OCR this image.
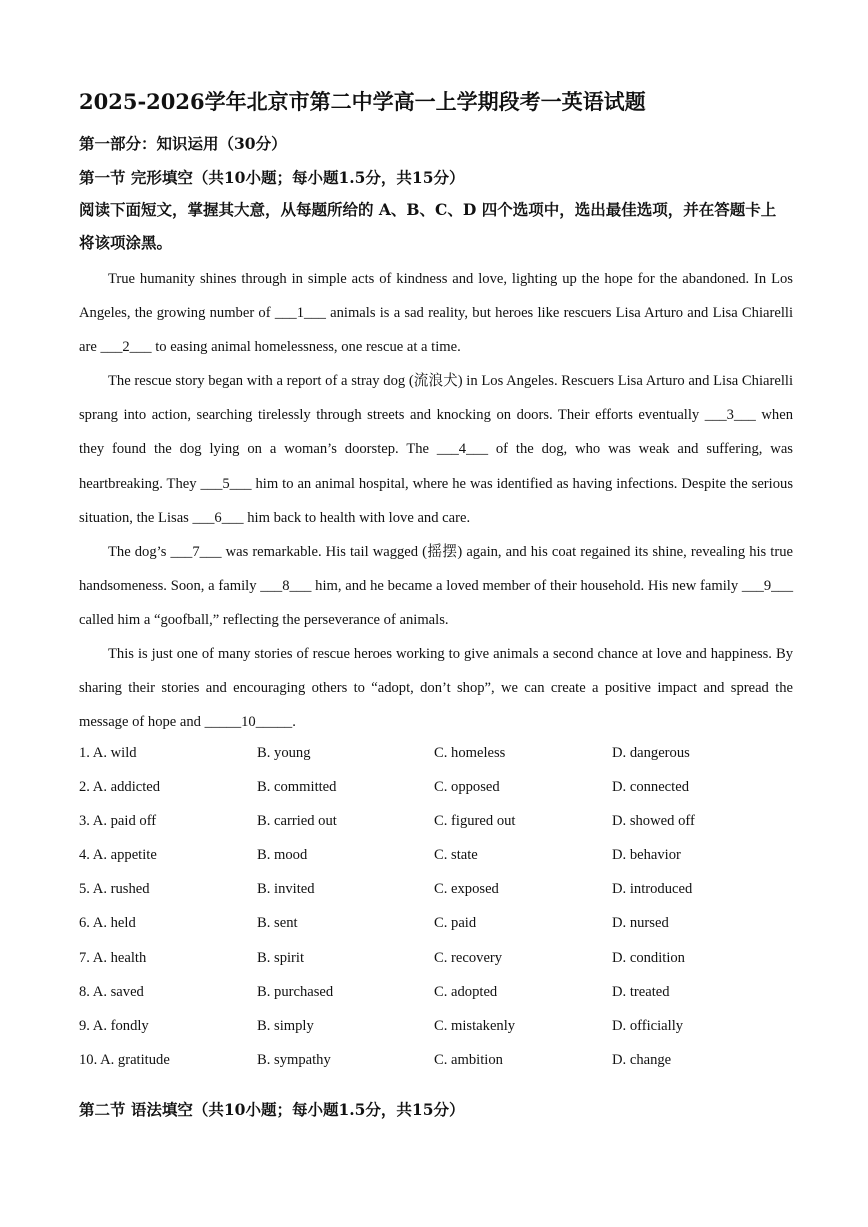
2025-2026学年北京市第二中学高一上学期段考一英语试题
第一部分：知识运用（30分）
第一节 完形填空（共10小题；每小题1.5分，共15分）
阅读下面短文，掌握其大意，从每题所给的 A、B、C、D 四个选项中，选出最佳选项，并在答题卡上将该项涂黑。

True humanity shines through in simple acts of kindness and love, lighting up the hope for the abandoned. In Los Angeles, the growing number of ___1___ animals is a sad reality, but heroes like rescuers Lisa Arturo and Lisa Chiarelli are ___2___ to easing animal homelessness, one rescue at a time.

The rescue story began with a report of a stray dog (流浪犬) in Los Angeles. Rescuers Lisa Arturo and Lisa Chiarelli sprang into action, searching tirelessly through streets and knocking on doors. Their efforts eventually ___3___ when they found the dog lying on a woman’s doorstep. The ___4___ of the dog, who was weak and suffering, was heartbreaking. They ___5___ him to an animal hospital, where he was identified as having infections. Despite the serious situation, the Lisas ___6___ him back to health with love and care.

The dog’s ___7___ was remarkable. His tail wagged (摇摆) again, and his coat regained its shine, revealing his true handsomeness. Soon, a family ___8___ him, and he became a loved member of their household. His new family ___9___ called him a “goofball,” reflecting the perseverance of animals.

This is just one of many stories of rescue heroes working to give animals a second chance at love and happiness. By sharing their stories and encouraging others to “adopt, don’t shop”, we can create a positive impact and spread the message of hope and _____10_____.

1. A. wild	B. young	C. homeless	D. dangerous
2. A. addicted	B. committed	C. opposed	D. connected
3. A. paid off	B. carried out	C. figured out	D. showed off
4. A. appetite	B. mood	C. state	D. behavior
5. A. rushed	B. invited	C. exposed	D. introduced
6. A. held	B. sent	C. paid	D. nursed
7. A. health	B. spirit	C. recovery	D. condition
8. A. saved	B. purchased	C. adopted	D. treated
9. A. fondly	B. simply	C. mistakenly	D. officially
10. A. gratitude	B. sympathy	C. ambition	D. change
第二节 语法填空（共10小题；每小题1.5分，共15分）
